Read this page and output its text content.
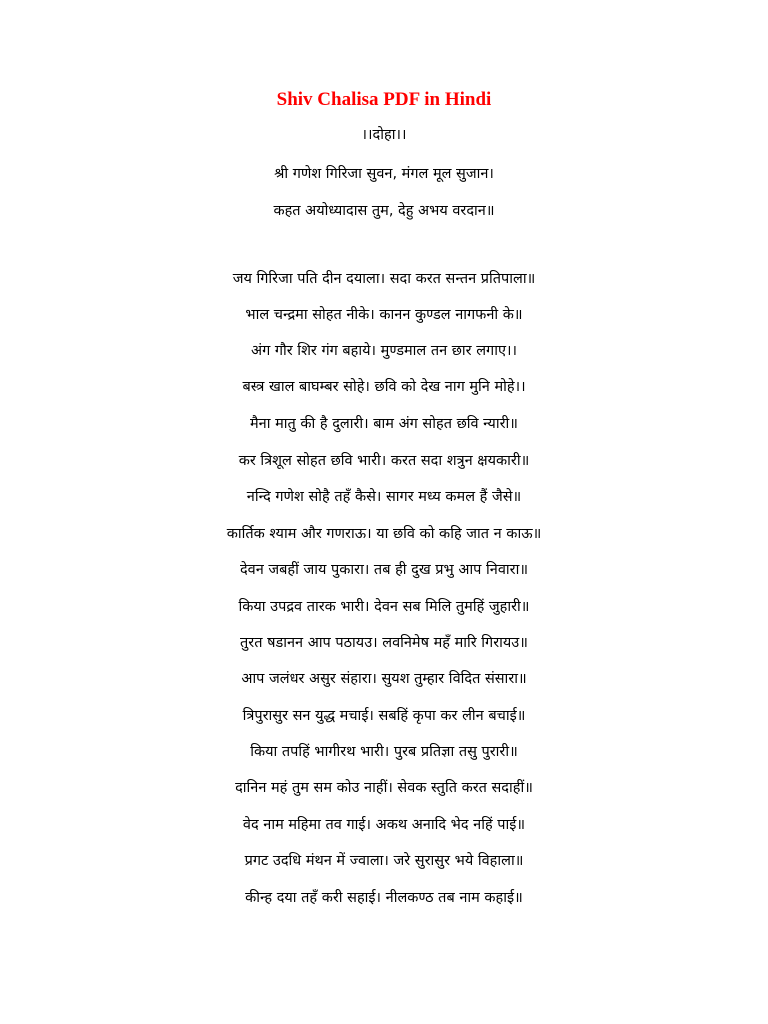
Shiv Chalisa PDF in Hindi
।।दोहा।।
श्री गणेश गिरिजा सुवन, मंगल मूल सुजान।
कहत अयोध्यादास तुम, देहु अभय वरदान॥
जय गिरिजा पति दीन दयाला। सदा करत सन्तन प्रतिपाला॥
भाल चन्द्रमा सोहत नीके। कानन कुण्डल नागफनी के॥
अंग गौर शिर गंग बहाये। मुण्डमाल तन छार लगाए।।
बस्त्र खाल बाघम्बर सोहे। छवि को देख नाग मुनि मोहे।।
मैना मातु की है दुलारी। बाम अंग सोहत छवि न्यारी॥
कर त्रिशूल सोहत छवि भारी। करत सदा शत्रुन क्षयकारी॥
नन्दि गणेश सोहै तहँ कैसे। सागर मध्य कमल हैं जैसे॥
कार्तिक श्याम और गणराऊ। या छवि को कहि जात न काऊ॥
देवन जबहीं जाय पुकारा। तब ही दुख प्रभु आप निवारा॥
किया उपद्रव तारक भारी। देवन सब मिलि तुमहिं जुहारी॥
तुरत षडानन आप पठायउ। लवनिमेष महँ मारि गिरायउ॥
आप जलंधर असुर संहारा। सुयश तुम्हार विदित संसारा॥
त्रिपुरासुर सन युद्ध मचाई। सबहिं कृपा कर लीन बचाई॥
किया तपहिं भागीरथ भारी। पुरब प्रतिज्ञा तसु पुरारी॥
दानिन महं तुम सम कोउ नाहीं। सेवक स्तुति करत सदाहीं॥
वेद नाम महिमा तव गाई। अकथ अनादि भेद नहिं पाई॥
प्रगट उदधि मंथन में ज्वाला। जरे सुरासुर भये विहाला॥
कीन्ह दया तहँ करी सहाई। नीलकण्ठ तब नाम कहाई॥
